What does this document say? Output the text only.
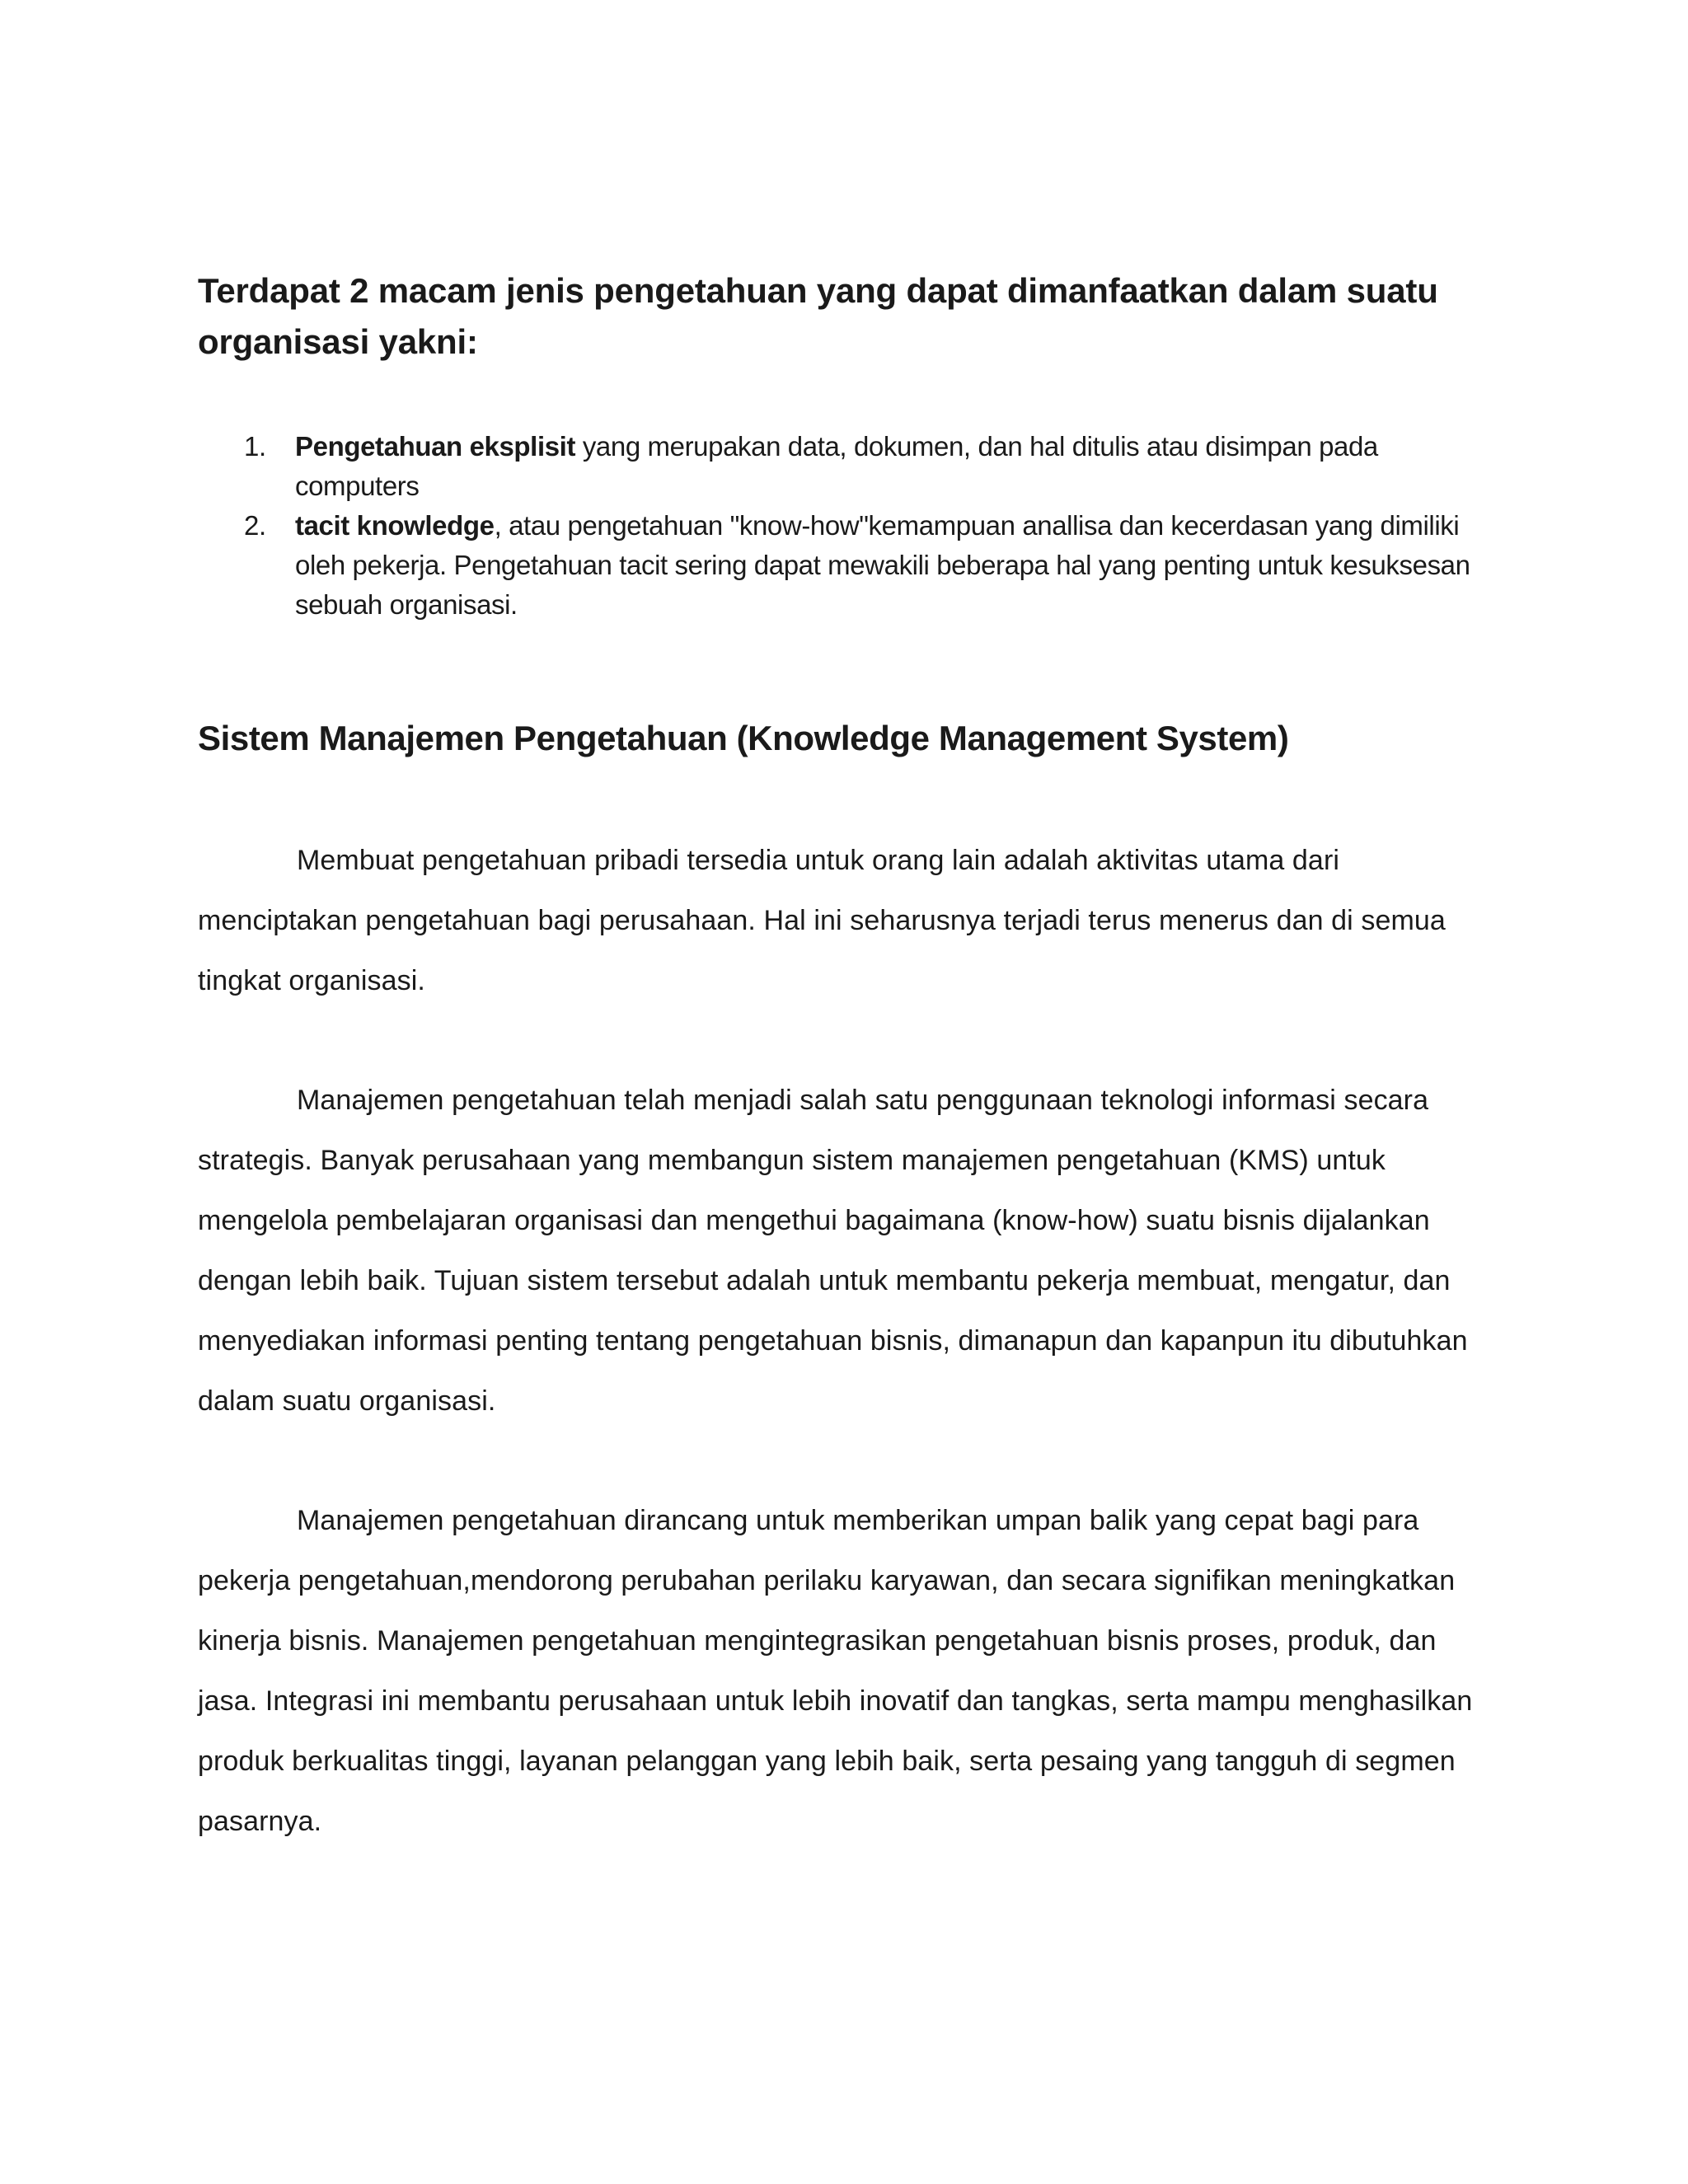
Terdapat 2 macam jenis pengetahuan yang dapat dimanfaatkan dalam suatu organisasi yakni:
1. Pengetahuan eksplisit yang merupakan data, dokumen, dan hal ditulis atau disimpan pada computers
2. tacit knowledge, atau pengetahuan "know-how"kemampuan anallisa dan kecerdasan yang dimiliki oleh pekerja. Pengetahuan tacit sering dapat mewakili beberapa hal yang penting untuk kesuksesan sebuah organisasi.
Sistem Manajemen Pengetahuan (Knowledge Management System)

Membuat pengetahuan pribadi tersedia untuk orang lain adalah aktivitas utama dari menciptakan pengetahuan bagi perusahaan. Hal ini seharusnya terjadi terus menerus dan di semua tingkat organisasi.

Manajemen pengetahuan telah menjadi salah satu penggunaan teknologi informasi secara strategis. Banyak perusahaan yang membangun sistem manajemen pengetahuan (KMS) untuk mengelola pembelajaran organisasi dan mengethui bagaimana (know-how) suatu bisnis dijalankan dengan lebih baik. Tujuan sistem tersebut adalah untuk membantu pekerja membuat, mengatur, dan menyediakan informasi penting tentang pengetahuan bisnis, dimanapun dan kapanpun itu dibutuhkan dalam suatu organisasi.

Manajemen pengetahuan dirancang untuk memberikan umpan balik yang cepat bagi para pekerja pengetahuan,mendorong perubahan perilaku karyawan, dan secara signifikan meningkatkan kinerja bisnis. Manajemen pengetahuan mengintegrasikan pengetahuan bisnis proses, produk, dan jasa. Integrasi ini membantu perusahaan untuk lebih inovatif dan tangkas, serta mampu menghasilkan produk berkualitas tinggi, layanan pelanggan yang lebih baik, serta pesaing yang tangguh di segmen pasarnya.
